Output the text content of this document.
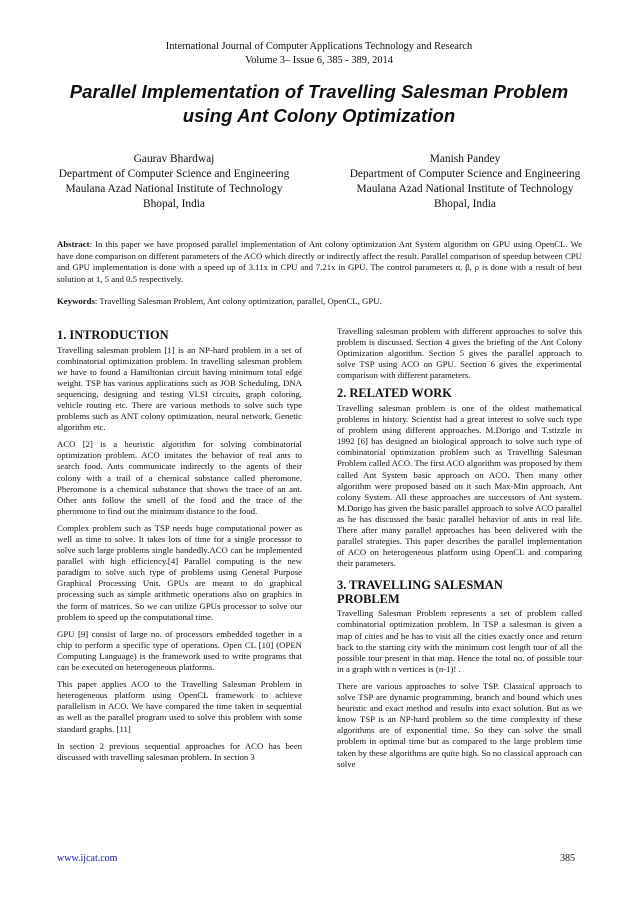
International Journal of Computer Applications Technology and Research
Volume 3– Issue 6, 385 - 389, 2014
Parallel Implementation of Travelling Salesman Problem
using Ant Colony Optimization
Gaurav Bhardwaj
Department of Computer Science and Engineering
Maulana Azad National Institute of Technology
Bhopal, India
Manish Pandey
Department of Computer Science and Engineering
Maulana Azad National Institute of Technology
Bhopal, India
Abstract: In this paper we have proposed parallel implementation of Ant colony optimization Ant System algorithm on GPU using OpenCL. We have done comparison on different parameters of the ACO which directly or indirectly affect the result. Parallel comparison of speedup between CPU and GPU implementation is done with a speed up of 3.11x in CPU and 7.21x in GPU. The control parameters α, β, ρ is done with a result of best solution at 1, 5 and 0.5 respectively.
Keywords: Travelling Salesman Problem, Ant colony optimization, parallel, OpenCL, GPU.
1. INTRODUCTION

Travelling salesman problem [1] is an NP-hard problem in a set of combinatorial optimization problem. In travelling salesman problem we have to found a Hamiltonian circuit having minimum total edge weight. TSP has various applications such as JOB Scheduling, DNA sequencing, designing and testing VLSI circuits, graph coloring, vehicle routing etc. There are various methods to solve such type problems such as ANT colony optimization, neural network, Genetic algorithm etc.

ACO [2] is a heuristic algorithm for solving combinatorial optimization problem. ACO imitates the behavior of real ants to search food. Ants communicate indirectly to the agents of their colony with a trail of a chemical substance called pheromone. Pheromone is a chemical substance that shows the trace of an ant. Other ants follow the smell of the food and the trace of the pheromone to find out the minimum distance to the food.

Complex problem such as TSP needs huge computational power as well as time to solve. It takes lots of time for a single processor to solve such large problems single handedly.ACO can be implemented parallel with high efficiency.[4] Parallel computing is the new paradigm to solve such type of problems using General Purpose Graphical Processing Unit. GPUs are meant to do graphical processing such as simple arithmetic operations also on graphics in the form of matrices. So we can utilize GPUs processor to solve our problem to speed up the computational time.

GPU [9] consist of large no. of processors embedded together in a chip to perform a specific type of operations. Open CL [10] (OPEN Computing Language) is the framework used to write programs that can be executed on heterogeneous platforms.

This paper applies ACO to the Travelling Salesman Problem in heterogeneous platform using OpenCL framework to achieve parallelism in ACO. We have compared the time taken in sequential as well as the parallel program used to solve this problem with some standard graphs. [11]

In section 2 previous sequential approaches for ACO has been discussed with travelling salesman problem. In section 3

Travelling salesman problem with different approaches to solve this problem is discussed. Section 4 gives the briefing of the Ant Colony Optimization algorithm. Section 5 gives the parallel approach to solve TSP using ACO on GPU. Section 6 gives the experimental comparison with different parameters.

2. RELATED WORK

Travelling salesman problem is one of the oldest mathematical problems in history. Scientist had a great interest to solve such type of problem using different approaches. M.Dorigo and T.stizzle in 1992 [6] has designed an biological approach to solve such type of combinatorial optimization problem such as Travelling Salesman Problem called ACO. The first ACO algorithm was proposed by them called Ant System basic approach on ACO. Then many other algorithm were proposed based on it such Max-Min approach, Ant colony System. All these approaches are successors of Ant system. M.Dorigo has given the basic parallel approach to solve ACO parallel as he has discussed the basic parallel behavior of ants in real life. There after many parallel approaches has been delivered with the parallel strategies. This paper describes the parallel implementation of ACO on heterogeneous platform using OpenCL and comparing their parameters.

3. TRAVELLING SALESMAN
PROBLEM

Travelling Salesman Problem represents a set of problem called combinatorial optimization problem. In TSP a salesman is given a map of cities and he has to visit all the cities exactly once and return back to the starting city with the minimum cost length tour of all the possible tour present in that map. Hence the total no. of possible tour in a graph with n vertices is (n-1)! .

There are various approaches to solve TSP. Classical approach to solve TSP are dynamic programming, branch and bound which uses heuristic and exact method and results into exact solution. But as we know TSP is an NP-hard problem so the time complexity of these algorithms are of exponential time. So they can solve the small problem in optimal time but as compared to the large problem time taken by these algorithms are quite high. So no classical approach can solve

www.ijcat.com	385
